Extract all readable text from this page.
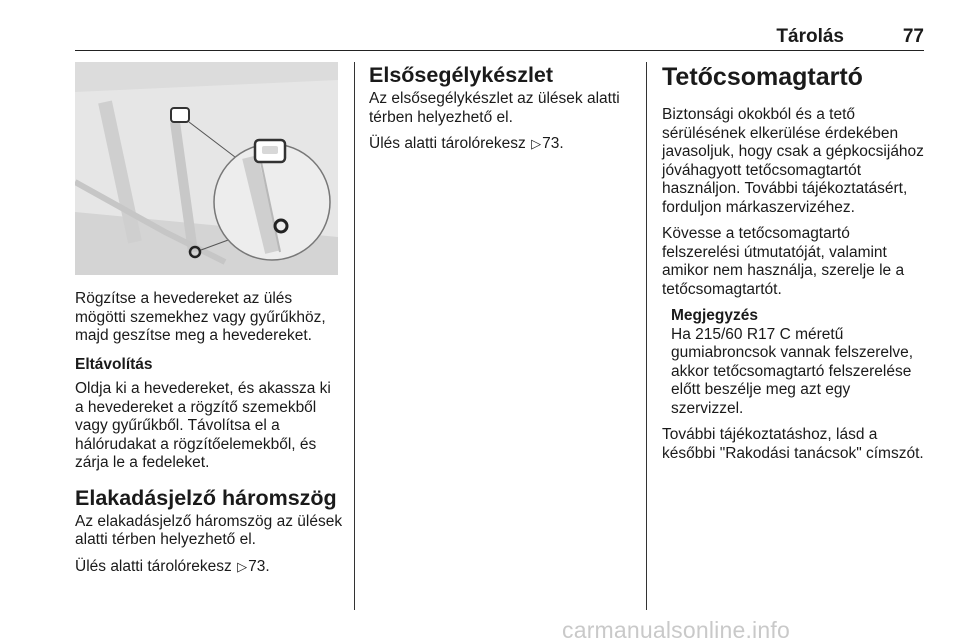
Tárolás	77

Rögzítse a hevedereket az ülés mögötti szemekhez vagy gyűrűkhöz, majd geszítse meg a hevedereket.

Eltávolítás

Oldja ki a hevedereket, és akassza ki a hevedereket a rögzítő szemekből vagy gyűrűkből. Távolítsa el a hálórudakat a rögzítőelemekből, és zárja le a fedeleket.

Elakadásjelző háromszög

Az elakadásjelző háromszög az ülések alatti térben helyezhető el.

Ülés alatti tárolórekesz ▷73.

Elsősegélykészlet

Az elsősegélykészlet az ülések alatti térben helyezhető el.

Ülés alatti tárolórekesz ▷73.

Tetőcsomagtartó

Biztonsági okokból és a tető sérülésének elkerülése érdekében javasoljuk, hogy csak a gépkocsijához jóváhagyott tetőcsomagtartót használjon. További tájékoztatásért, forduljon márkaszervizéhez.

Kövesse a tetőcsomagtartó felszerelési útmutatóját, valamint amikor nem használja, szerelje le a tetőcsomagtartót.

Megjegyzés

Ha 215/60 R17 C méretű gumiabroncsok vannak felszerelve, akkor tetőcsomagtartó felszerelése előtt beszélje meg azt egy szervizzel.

További tájékoztatáshoz, lásd a későbbi "Rakodási tanácsok" címszót.

carmanualsonline.info
